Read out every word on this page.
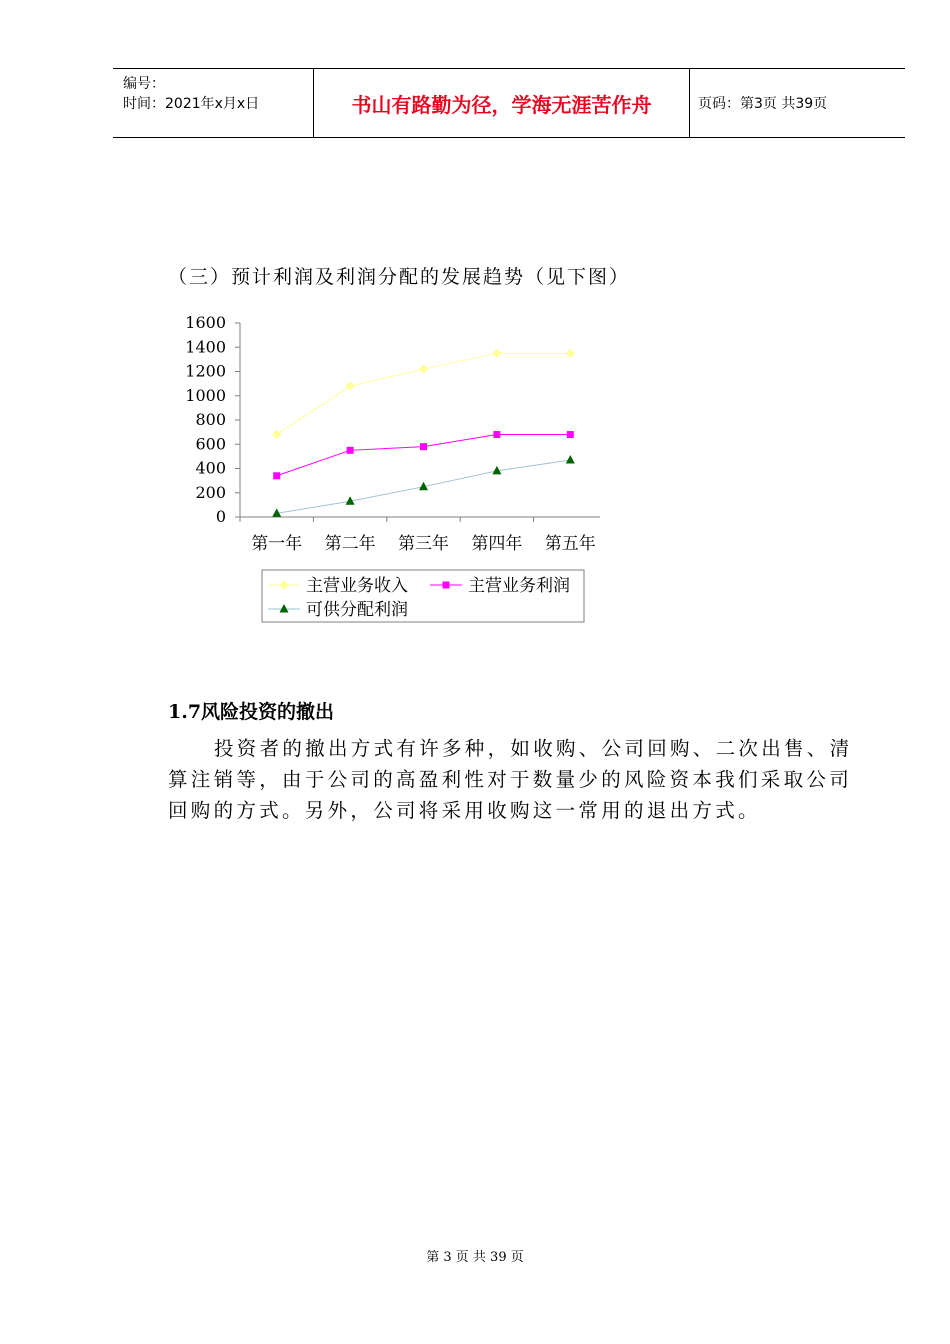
编号：
时间：2021年x月x日	书山有路勤为径，学海无涯苦作舟	页码：第3页 共39页
（三）预计利润及利润分配的发展趋势（见下图）
0
200
400
600
800
1000
1200
1400
1600
第一年 第二年 第三年 第四年 第五年
主营业务收入	主营业务利润
可供分配利润
1.7风险投资的撤出
投资者的撤出方式有许多种，如收购、公司回购、二次出售、清算注销等，由于公司的高盈利性对于数量少的风险资本我们采取公司回购的方式。另外，公司将采用收购这一常用的退出方式。
第 3 页 共 39 页
